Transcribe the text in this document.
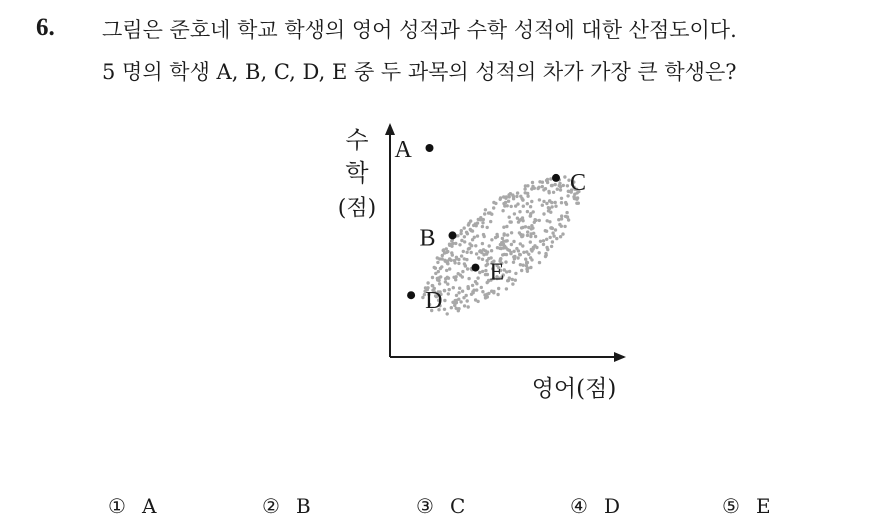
6. 그림은 준호네 학교 학생의 영어 성적과 수학 성적에 대한 산점도이다.
5 명의 학생 A, B, C, D, E 중 두 과목의 성적의 차가 가장 큰 학생은?
수
학
(점)
영어(점)
A
B
C
D
E
① A	② B	③ C	④ D	⑤ E
